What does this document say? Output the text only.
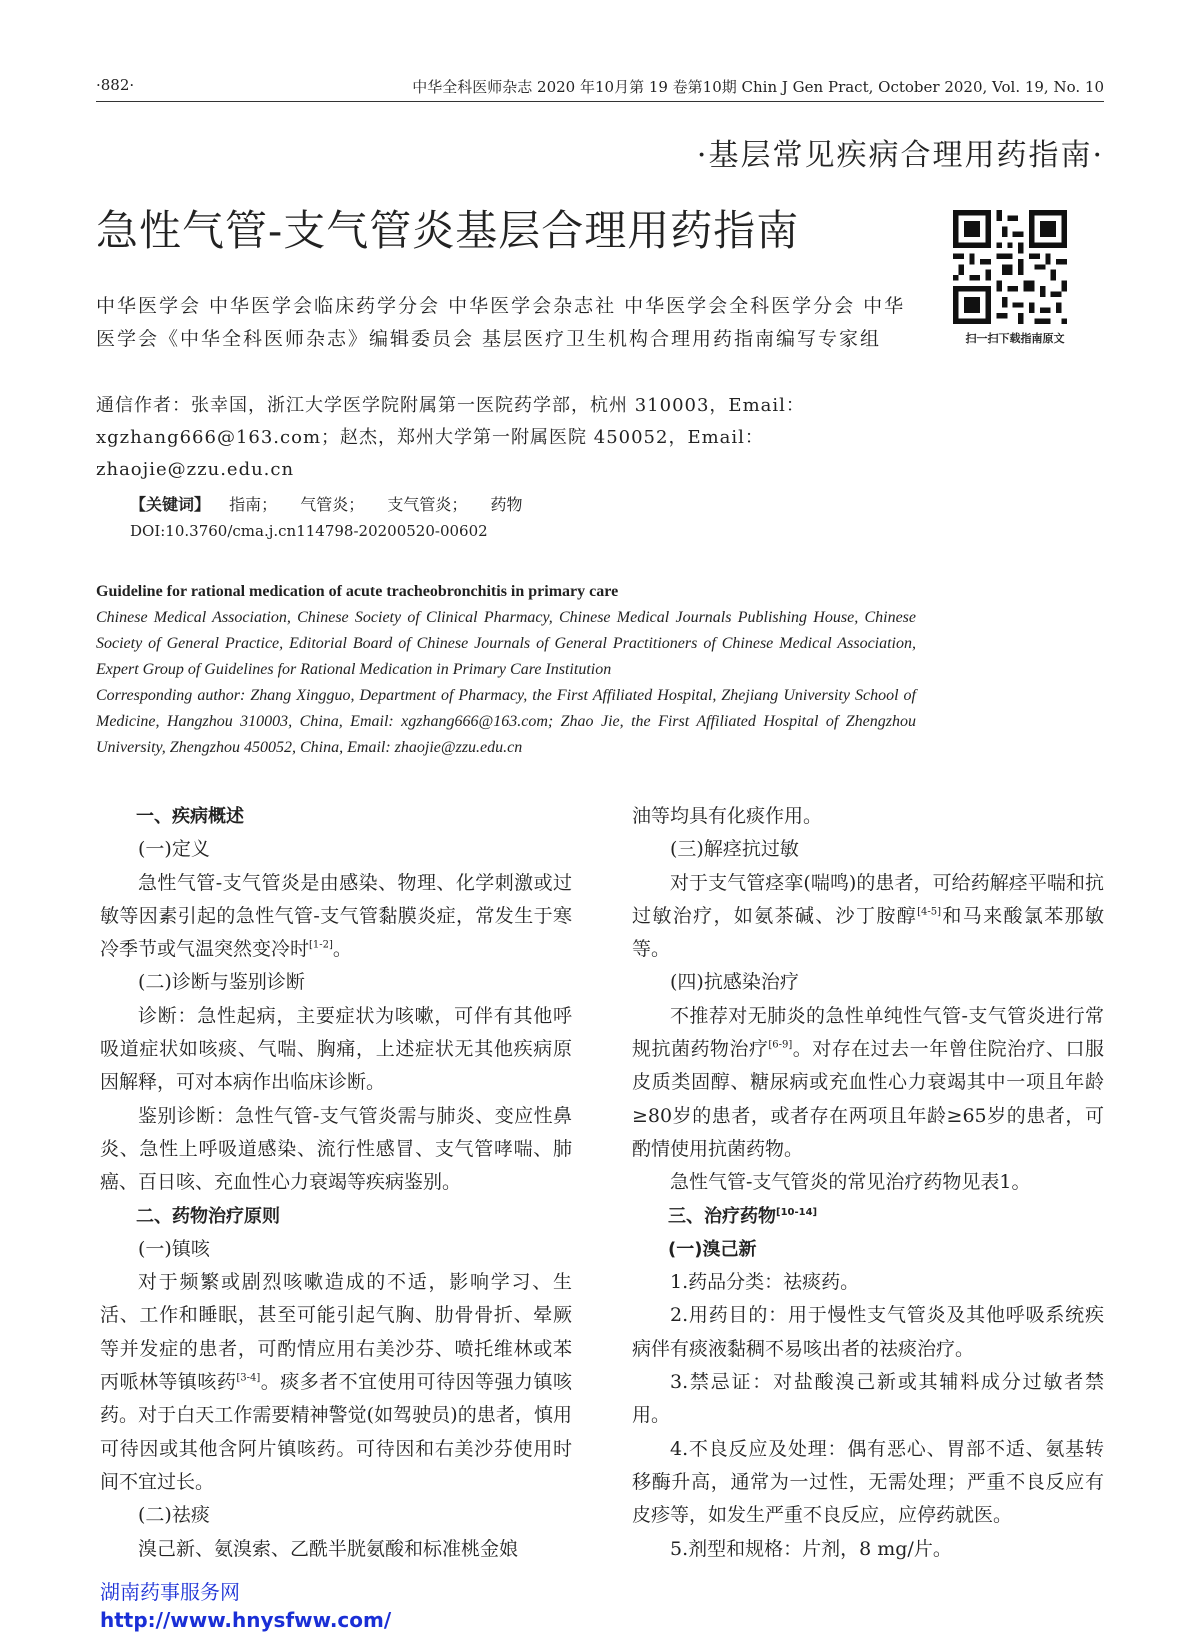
·882·	中华全科医师杂志 2020 年10月第 19 卷第10期 Chin J Gen Pract, October 2020, Vol. 19, No. 10
·基层常见疾病合理用药指南·
急性气管-支气管炎基层合理用药指南
扫一扫下载指南原文
中华医学会 中华医学会临床药学分会 中华医学会杂志社 中华医学会全科医学分会 中华医学会《中华全科医师杂志》编辑委员会 基层医疗卫生机构合理用药指南编写专家组
通信作者：张幸国，浙江大学医学院附属第一医院药学部，杭州 310003，Email：xgzhang666@163.com；赵杰，郑州大学第一附属医院 450052，Email：zhaojie@zzu.edu.cn
【关键词】 指南； 气管炎； 支气管炎； 药物
DOI:10.3760/cma.j.cn114798-20200520-00602
Guideline for rational medication of acute tracheobronchitis in primary care
Chinese Medical Association, Chinese Society of Clinical Pharmacy, Chinese Medical Journals Publishing House, Chinese Society of General Practice, Editorial Board of Chinese Journals of General Practitioners of Chinese Medical Association, Expert Group of Guidelines for Rational Medication in Primary Care Institution
Corresponding author: Zhang Xingguo, Department of Pharmacy, the First Affiliated Hospital, Zhejiang University School of Medicine, Hangzhou 310003, China, Email: xgzhang666@163.com; Zhao Jie, the First Affiliated Hospital of Zhengzhou University, Zhengzhou 450052, China, Email: zhaojie@zzu.edu.cn

一、疾病概述

(一)定义

急性气管-支气管炎是由感染、物理、化学刺激或过敏等因素引起的急性气管-支气管黏膜炎症，常发生于寒冷季节或气温突然变冷时[1-2]。

(二)诊断与鉴别诊断

诊断：急性起病，主要症状为咳嗽，可伴有其他呼吸道症状如咳痰、气喘、胸痛，上述症状无其他疾病原因解释，可对本病作出临床诊断。

鉴别诊断：急性气管-支气管炎需与肺炎、变应性鼻炎、急性上呼吸道感染、流行性感冒、支气管哮喘、肺癌、百日咳、充血性心力衰竭等疾病鉴别。

二、药物治疗原则

(一)镇咳

对于频繁或剧烈咳嗽造成的不适，影响学习、生活、工作和睡眠，甚至可能引起气胸、肋骨骨折、晕厥等并发症的患者，可酌情应用右美沙芬、喷托维林或苯丙哌林等镇咳药[3-4]。痰多者不宜使用可待因等强力镇咳药。对于白天工作需要精神警觉(如驾驶员)的患者，慎用可待因或其他含阿片镇咳药。可待因和右美沙芬使用时间不宜过长。

(二)祛痰

溴己新、氨溴索、乙酰半胱氨酸和标准桃金娘

油等均具有化痰作用。

(三)解痉抗过敏

对于支气管痉挛(喘鸣)的患者，可给药解痉平喘和抗过敏治疗，如氨茶碱、沙丁胺醇[4-5]和马来酸氯苯那敏等。

(四)抗感染治疗

不推荐对无肺炎的急性单纯性气管-支气管炎进行常规抗菌药物治疗[6-9]。对存在过去一年曾住院治疗、口服皮质类固醇、糖尿病或充血性心力衰竭其中一项且年龄≥80岁的患者，或者存在两项且年龄≥65岁的患者，可酌情使用抗菌药物。

急性气管-支气管炎的常见治疗药物见表1。

三、治疗药物[10-14]

(一)溴己新

1.药品分类：祛痰药。

2.用药目的：用于慢性支气管炎及其他呼吸系统疾病伴有痰液黏稠不易咳出者的祛痰治疗。

3.禁忌证：对盐酸溴己新或其辅料成分过敏者禁用。

4.不良反应及处理：偶有恶心、胃部不适、氨基转移酶升高，通常为一过性，无需处理；严重不良反应有皮疹等，如发生严重不良反应，应停药就医。

5.剂型和规格：片剂，8 mg/片。

湖南药事服务网
http://www.hnysfww.com/
